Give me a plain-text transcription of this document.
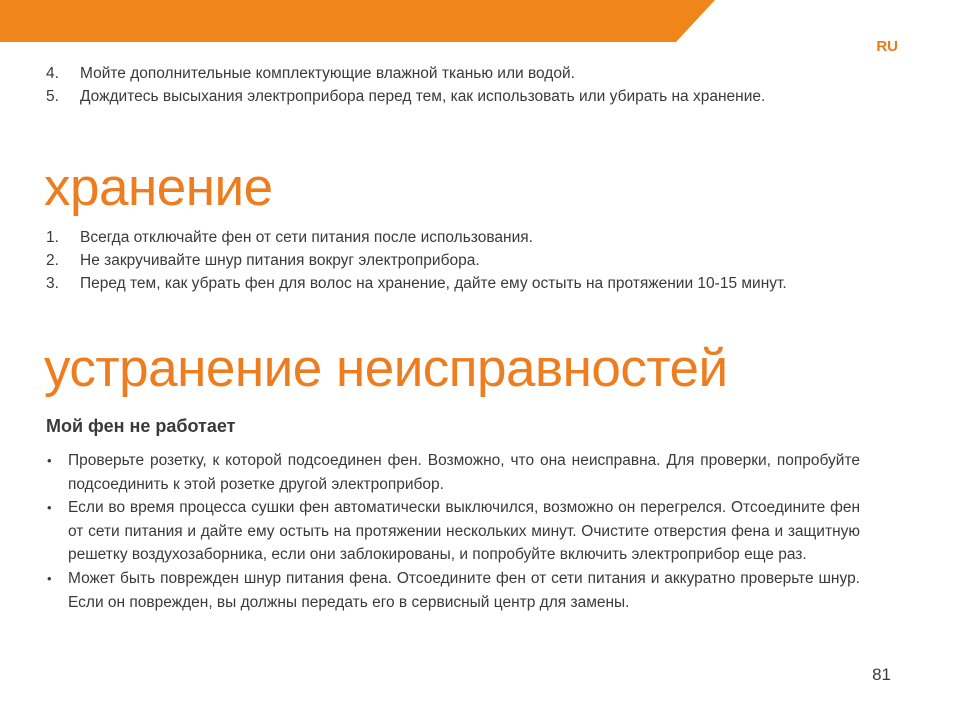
RU
4. Мойте дополнительные комплектующие влажной тканью или водой.
5. Дождитесь высыхания электроприбора перед тем, как использовать или убирать на хранение.
хранение
1. Всегда отключайте фен от сети питания после использования.
2. Не закручивайте шнур питания вокруг электроприбора.
3. Перед тем, как убрать фен для волос на хранение, дайте ему остыть на протяжении 10-15 минут.
устранение неисправностей
Мой фен не работает
• Проверьте розетку, к которой подсоединен фен. Возможно, что она неисправна. Для проверки, попробуйте подсоединить к этой розетке другой электроприбор.
• Если во время процесса сушки фен автоматически выключился, возможно он перегрелся. Отсоедините фен от сети питания и дайте ему остыть на протяжении нескольких минут. Очистите отверстия фена и защитную решетку воздухозаборника, если они заблокированы, и попробуйте включить электроприбор еще раз.
• Может быть поврежден шнур питания фена. Отсоедините фен от сети питания и аккуратно проверьте шнур. Если он поврежден, вы должны передать его в сервисный центр для замены.
81
